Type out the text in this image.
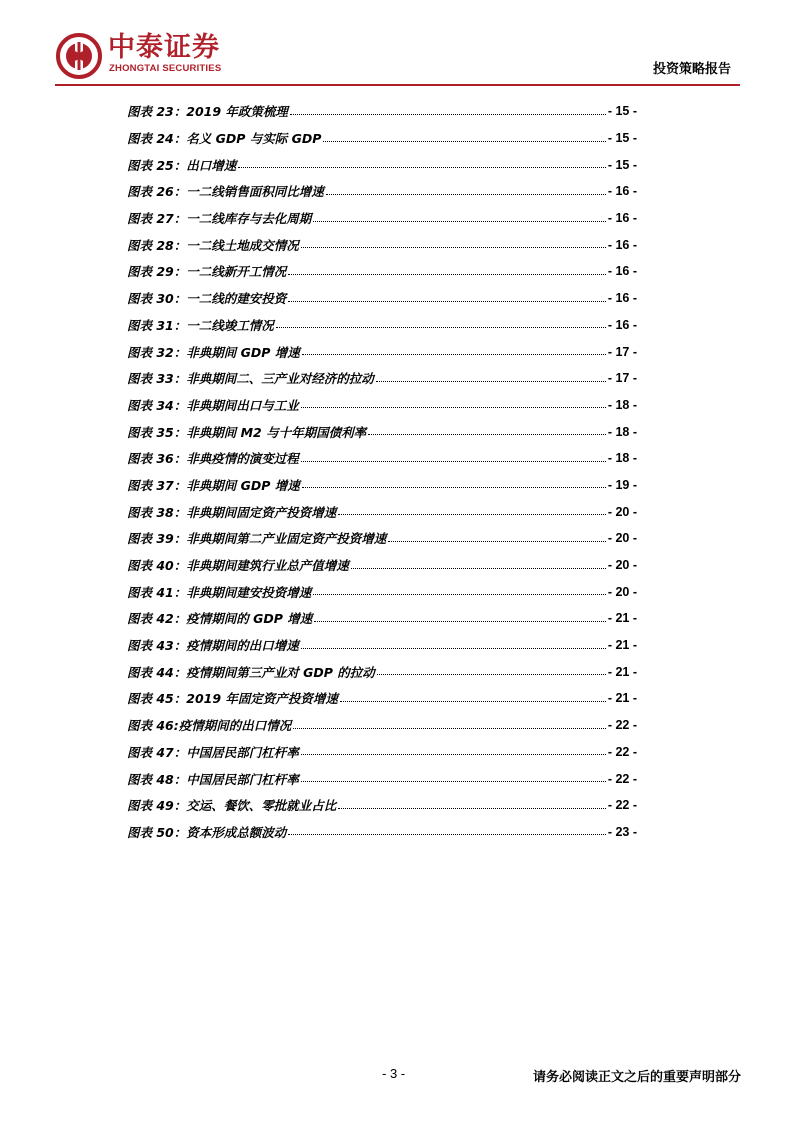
中泰证券
ZHONGTAI SECURITIES	投资策略报告
图表 23：2019 年政策梳理	- 15 -
图表 24：名义 GDP 与实际 GDP	- 15 -
图表 25：出口增速	- 15 -
图表 26：一二线销售面积同比增速	- 16 -
图表 27：一二线库存与去化周期	- 16 -
图表 28：一二线土地成交情况	- 16 -
图表 29：一二线新开工情况	- 16 -
图表 30：一二线的建安投资	- 16 -
图表 31：一二线竣工情况	- 16 -
图表 32：非典期间 GDP 增速	- 17 -
图表 33：非典期间二、三产业对经济的拉动	- 17 -
图表 34：非典期间出口与工业	- 18 -
图表 35：非典期间 M2 与十年期国债利率	- 18 -
图表 36：非典疫情的演变过程	- 18 -
图表 37：非典期间 GDP 增速	- 19 -
图表 38：非典期间固定资产投资增速	- 20 -
图表 39：非典期间第二产业固定资产投资增速	- 20 -
图表 40：非典期间建筑行业总产值增速	- 20 -
图表 41：非典期间建安投资增速	- 20 -
图表 42：疫情期间的 GDP 增速	- 21 -
图表 43：疫情期间的出口增速	- 21 -
图表 44：疫情期间第三产业对 GDP 的拉动	- 21 -
图表 45：2019 年固定资产投资增速	- 21 -
图表 46:疫情期间的出口情况	- 22 -
图表 47：中国居民部门杠杆率	- 22 -
图表 48：中国居民部门杠杆率	- 22 -
图表 49：交运、餐饮、零批就业占比	- 22 -
图表 50：资本形成总额波动	- 23 -
- 3 -	请务必阅读正文之后的重要声明部分
